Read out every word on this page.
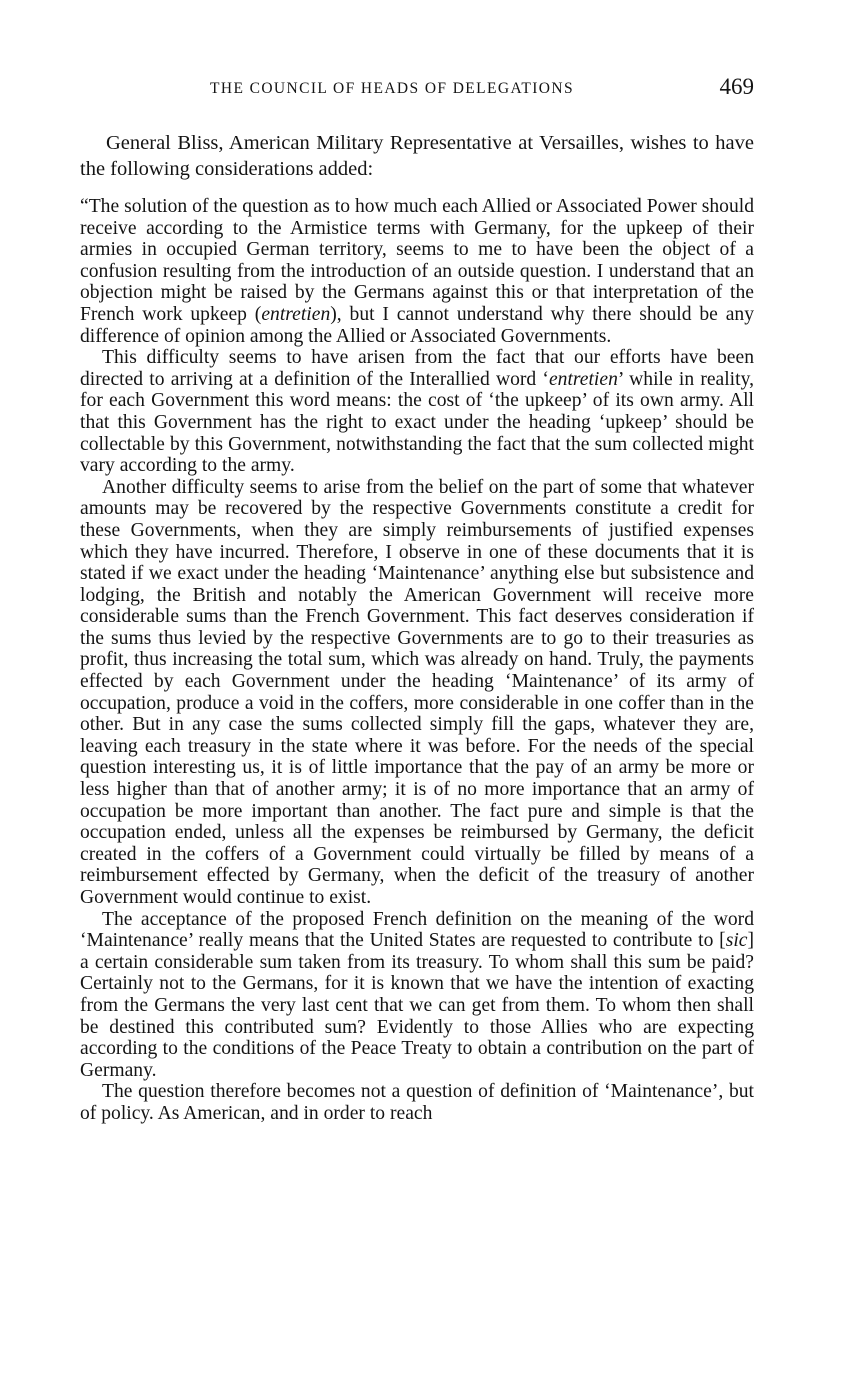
THE COUNCIL OF HEADS OF DELEGATIONS	469

General Bliss, American Military Representative at Versailles, wishes to have the following considerations added:

“The solution of the question as to how much each Allied or Associated Power should receive according to the Armistice terms with Germany, for the upkeep of their armies in occupied German territory, seems to me to have been the object of a confusion resulting from the introduction of an outside question. I understand that an objection might be raised by the Germans against this or that interpretation of the French work upkeep (entretien), but I cannot understand why there should be any difference of opinion among the Allied or Associated Governments.

This difficulty seems to have arisen from the fact that our efforts have been directed to arriving at a definition of the Interallied word ‘entretien’ while in reality, for each Government this word means: the cost of ‘the upkeep’ of its own army. All that this Government has the right to exact under the heading ‘upkeep’ should be collectable by this Government, notwithstanding the fact that the sum collected might vary according to the army.

Another difficulty seems to arise from the belief on the part of some that whatever amounts may be recovered by the respective Governments constitute a credit for these Governments, when they are simply reimbursements of justified expenses which they have incurred. Therefore, I observe in one of these documents that it is stated if we exact under the heading ‘Maintenance’ anything else but subsistence and lodging, the British and notably the American Government will receive more considerable sums than the French Government. This fact deserves consideration if the sums thus levied by the respective Governments are to go to their treasuries as profit, thus increasing the total sum, which was already on hand. Truly, the payments effected by each Government under the heading ‘Maintenance’ of its army of occupation, produce a void in the coffers, more considerable in one coffer than in the other. But in any case the sums collected simply fill the gaps, whatever they are, leaving each treasury in the state where it was before. For the needs of the special question interesting us, it is of little importance that the pay of an army be more or less higher than that of another army; it is of no more importance that an army of occupation be more important than another. The fact pure and simple is that the occupation ended, unless all the expenses be reimbursed by Germany, the deficit created in the coffers of a Government could virtually be filled by means of a reimbursement effected by Germany, when the deficit of the treasury of another Government would continue to exist.

The acceptance of the proposed French definition on the meaning of the word ‘Maintenance’ really means that the United States are requested to contribute to [sic] a certain considerable sum taken from its treasury. To whom shall this sum be paid? Certainly not to the Germans, for it is known that we have the intention of exacting from the Germans the very last cent that we can get from them. To whom then shall be destined this contributed sum? Evidently to those Allies who are expecting according to the conditions of the Peace Treaty to obtain a contribution on the part of Germany.

The question therefore becomes not a question of definition of ‘Maintenance’, but of policy. As American, and in order to reach
